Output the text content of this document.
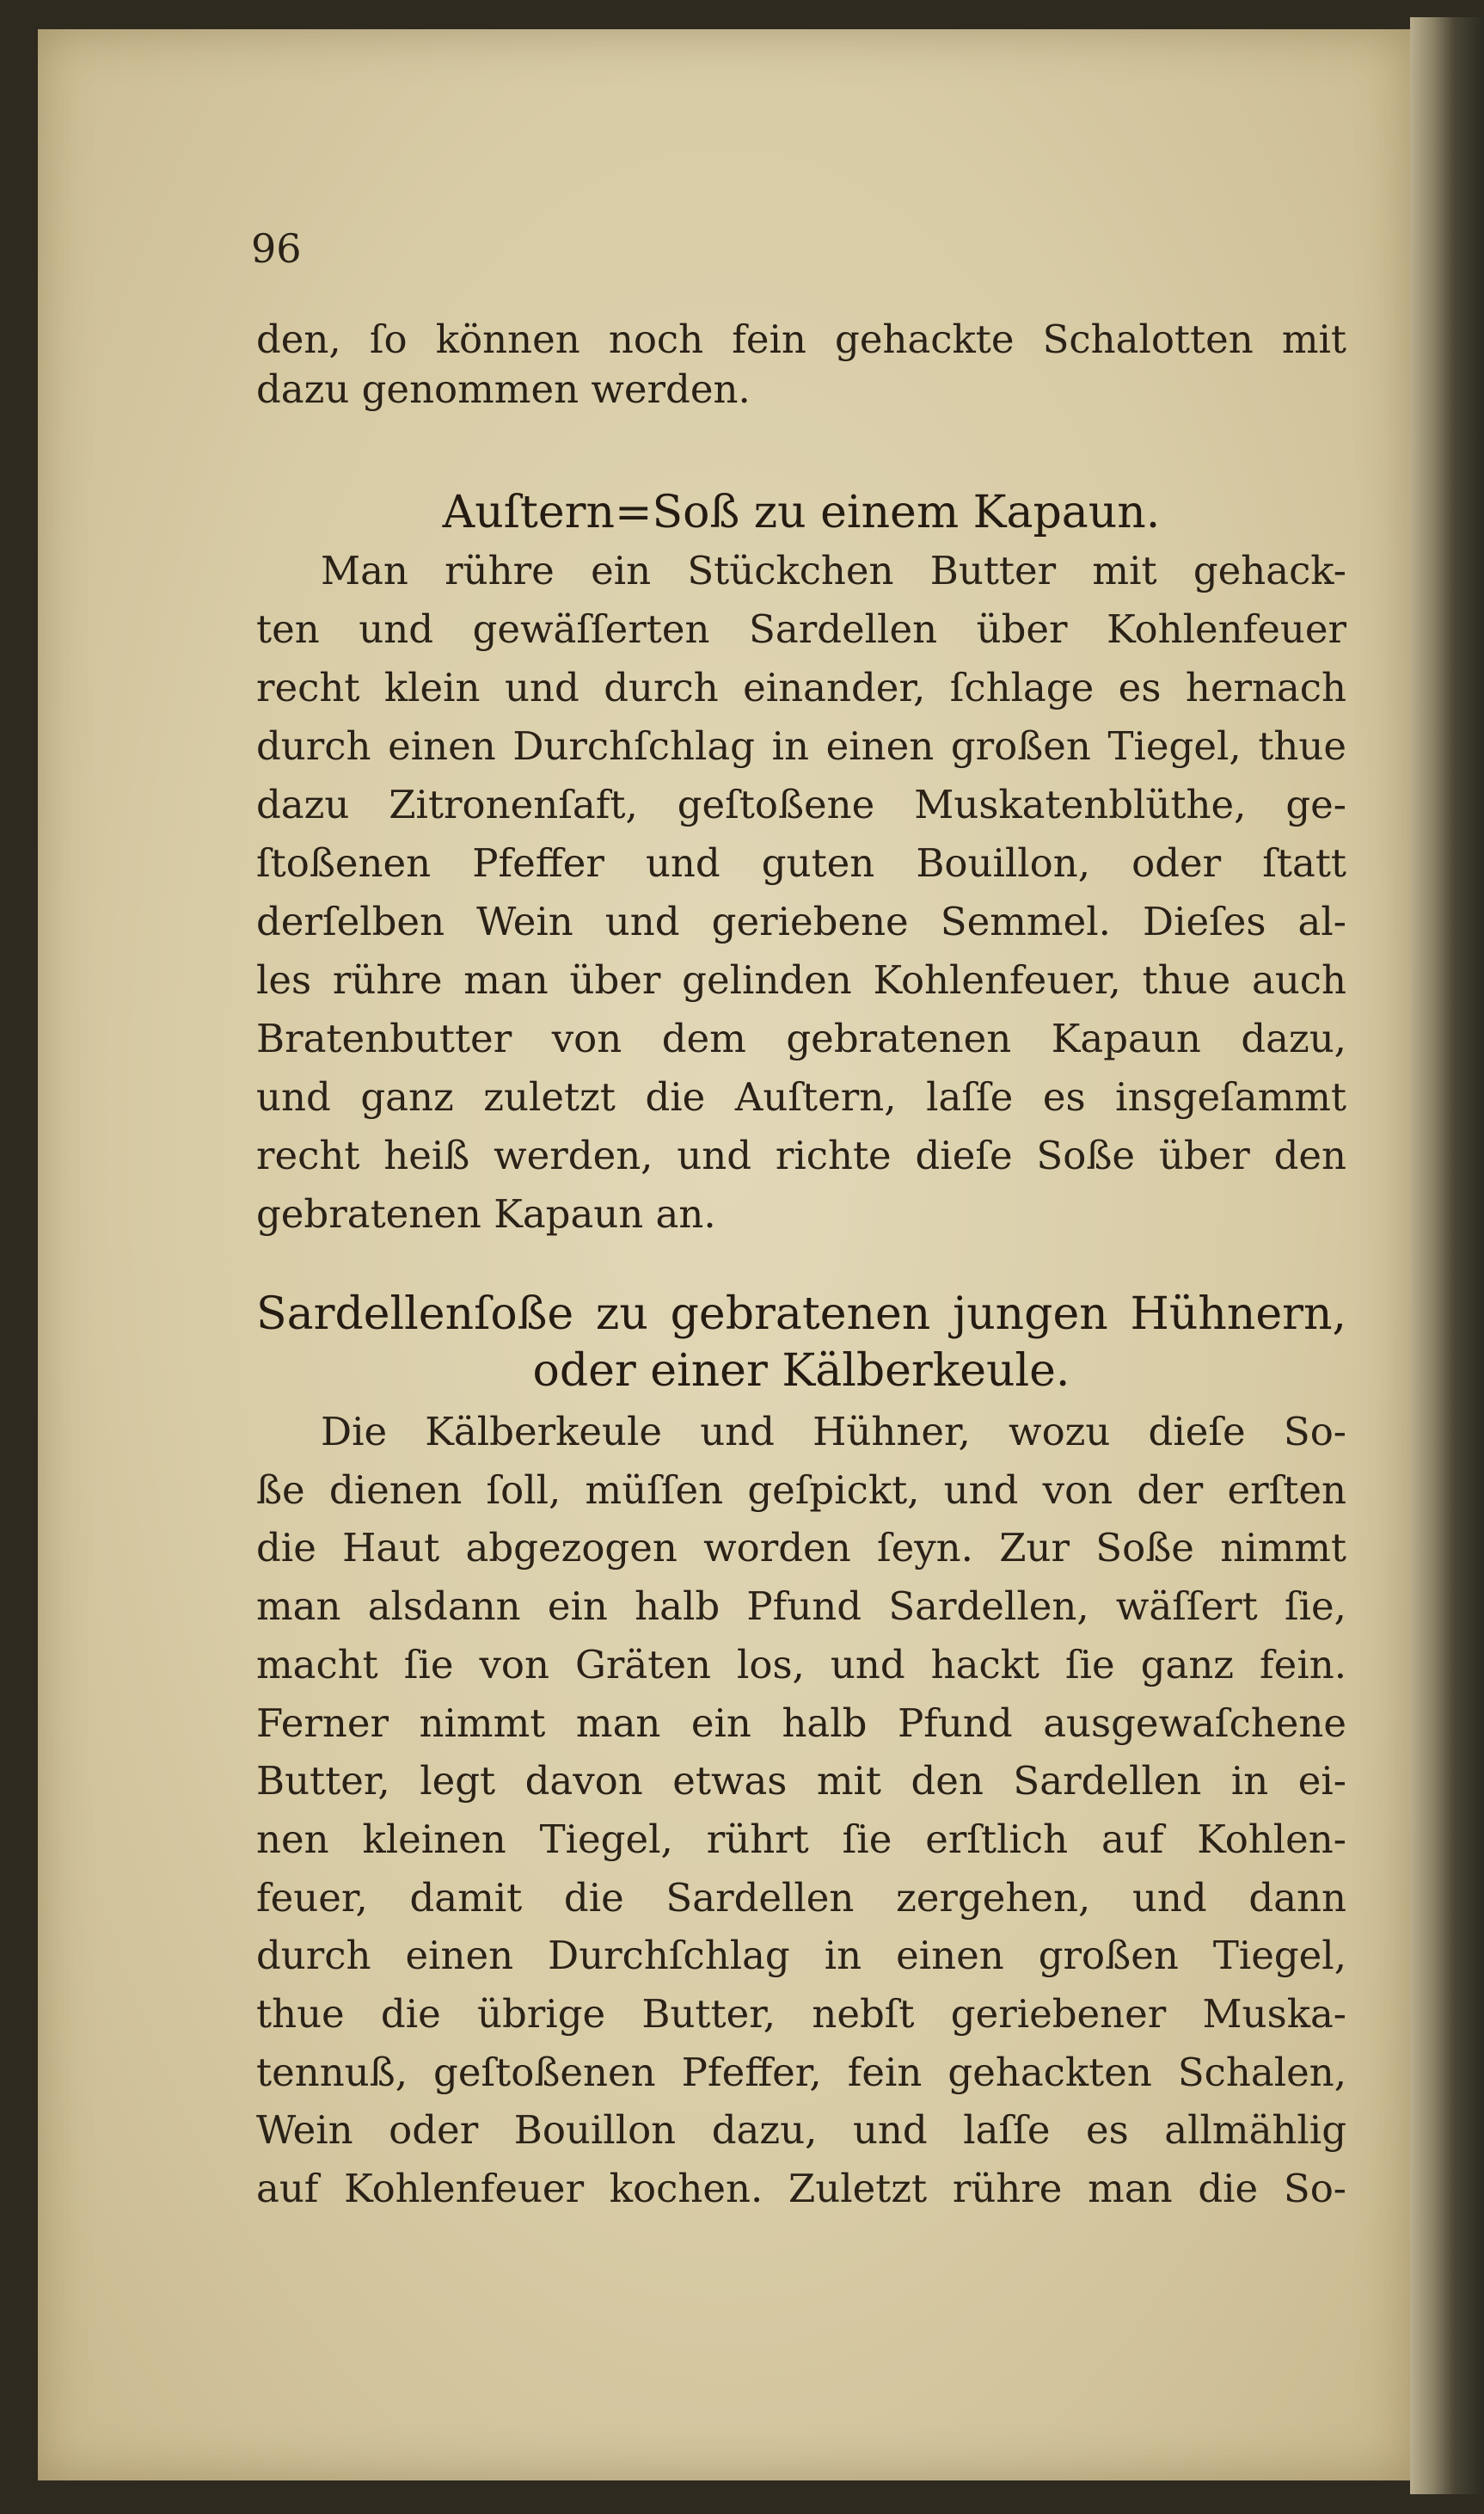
96
den, ſo können noch fein gehackte Schalotten mit
dazu genommen werden.
Auſtern=Soß zu einem Kapaun.
Man rühre ein Stückchen Butter mit gehack-
ten und gewäſſerten Sardellen über Kohlenfeuer
recht klein und durch einander, ſchlage es hernach
durch einen Durchſchlag in einen großen Tiegel, thue
dazu Zitronenſaft, geſtoßene Muskatenblüthe, ge-
ſtoßenen Pfeffer und guten Bouillon, oder ſtatt
derſelben Wein und geriebene Semmel. Dieſes al-
les rühre man über gelinden Kohlenfeuer, thue auch
Bratenbutter von dem gebratenen Kapaun dazu,
und ganz zuletzt die Auſtern, laſſe es insgeſammt
recht heiß werden, und richte dieſe Soße über den
gebratenen Kapaun an.
Sardellenſoße zu gebratenen jungen Hühnern,
oder einer Kälberkeule.
Die Kälberkeule und Hühner, wozu dieſe So-
ße dienen ſoll, müſſen geſpickt, und von der erſten
die Haut abgezogen worden ſeyn. Zur Soße nimmt
man alsdann ein halb Pfund Sardellen, wäſſert ſie,
macht ſie von Gräten los, und hackt ſie ganz fein.
Ferner nimmt man ein halb Pfund ausgewaſchene
Butter, legt davon etwas mit den Sardellen in ei-
nen kleinen Tiegel, rührt ſie erſtlich auf Kohlen-
feuer, damit die Sardellen zergehen, und dann
durch einen Durchſchlag in einen großen Tiegel,
thue die übrige Butter, nebſt geriebener Muska-
tennuß, geſtoßenen Pfeffer, fein gehackten Schalen,
Wein oder Bouillon dazu, und laſſe es allmählig
auf Kohlenfeuer kochen. Zuletzt rühre man die So-
